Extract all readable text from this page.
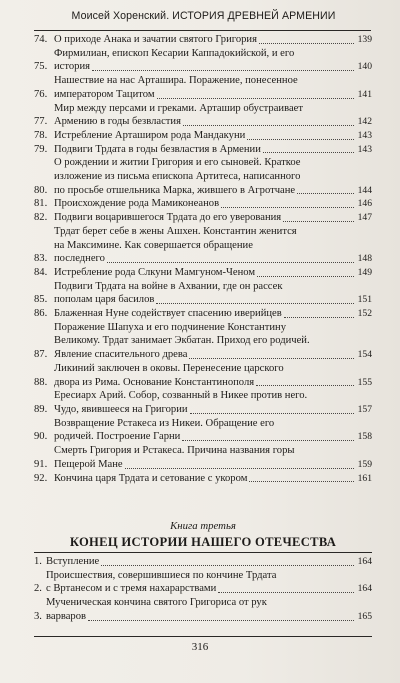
Моисей Хоренский. ИСТОРИЯ ДРЕВНЕЙ АРМЕНИИ
74. О приходе Анака и зачатии святого Григория	139
75.
Фирмилиан, епископ Кесарии Каппадокийской, и его
история	140
76.
Нашествие на нас Арташира. Поражение, понесенное
императором Тацитом	141
77.
Мир между персами и греками. Арташир обустраивает
Армению в годы безвластия	142
78. Истребление Арташиром рода Мандакуни	143
79. Подвиги Трдата в годы безвластия в Армении	143
80.
О рождении и житии Григория и его сыновей. Краткое
изложение из письма епископа Артитеса, написанного
по просьбе отшельника Марка, жившего в Агротчане	144
81. Происхождение рода Мамиконеанов	146
82. Подвиги воцарившегося Трдата до его уверования	147
83.
Трдат берет себе в жены Ашхен. Константин женится
на Максимине. Как совершается обращение
последнего	148
84. Истребление рода Слкуни Мамгуном-Ченом	149
85.
Подвиги Трдата на войне в Ахвании, где он рассек
пополам царя басилов	151
86. Блаженная Нуне содействует спасению иверийцев	152
87.
Поражение Шапуха и его подчинение Константину
Великому. Трдат занимает Экбатан. Приход его родичей.
Явление спасительного древа	154
88.
Ликиний заключен в оковы. Перенесение царского
двора из Рима. Основание Константинополя	155
89.
Ересиарх Арий. Собор, созванный в Никее против него.
Чудо, явившееся на Григории	157
90.
Возвращение Рстакеса из Никеи. Обращение его
родичей. Построение Гарни	158
91.
Смерть Григория и Рстакеса. Причина названия горы
Пещерой Мане	159
92. Кончина царя Трдата и сетование с укором	161
Книга третья
КОНЕЦ ИСТОРИИ НАШЕГО ОТЕЧЕСТВА
1. Вступление	164
2.
Происшествия, совершившиеся по кончине Трдата
с Вртанесом и с тремя нахарарствами	164
3.
Мученическая кончина святого Григориса от рук
варваров	165
316
